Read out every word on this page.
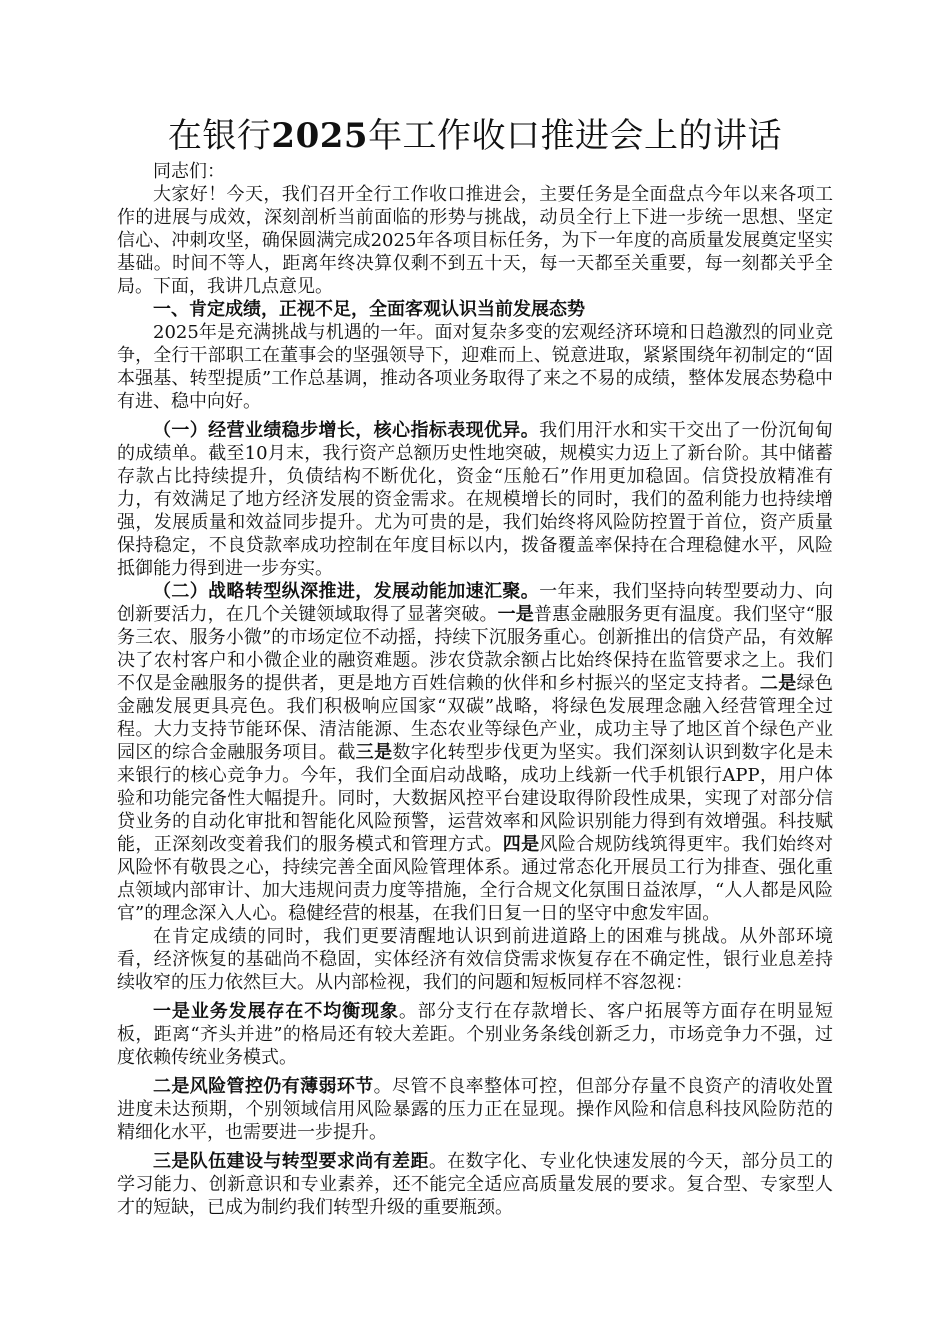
在银行2025年工作收口推进会上的讲话

同志们：

大家好！今天，我们召开全行工作收口推进会，主要任务是全面盘点今年以来各项工作的进展与成效，深刻剖析当前面临的形势与挑战，动员全行上下进一步统一思想、坚定信心、冲刺攻坚，确保圆满完成2025年各项目标任务，为下一年度的高质量发展奠定坚实基础。时间不等人，距离年终决算仅剩不到五十天，每一天都至关重要，每一刻都关乎全局。下面，我讲几点意见。

一、肯定成绩，正视不足，全面客观认识当前发展态势

2025年是充满挑战与机遇的一年。面对复杂多变的宏观经济环境和日趋激烈的同业竞争，全行干部职工在董事会的坚强领导下，迎难而上、锐意进取，紧紧围绕年初制定的“固本强基、转型提质”工作总基调，推动各项业务取得了来之不易的成绩，整体发展态势稳中有进、稳中向好。

（一）经营业绩稳步增长，核心指标表现优异。我们用汗水和实干交出了一份沉甸甸的成绩单。截至10月末，我行资产总额历史性地突破，规模实力迈上了新台阶。其中储蓄存款占比持续提升，负债结构不断优化，资金“压舱石”作用更加稳固。信贷投放精准有力，有效满足了地方经济发展的资金需求。在规模增长的同时，我们的盈利能力也持续增强，发展质量和效益同步提升。尤为可贵的是，我们始终将风险防控置于首位，资产质量保持稳定，不良贷款率成功控制在年度目标以内，拨备覆盖率保持在合理稳健水平，风险抵御能力得到进一步夯实。

（二）战略转型纵深推进，发展动能加速汇聚。一年来，我们坚持向转型要动力、向创新要活力，在几个关键领域取得了显著突破。一是普惠金融服务更有温度。我们坚守“服务三农、服务小微”的市场定位不动摇，持续下沉服务重心。创新推出的信贷产品，有效解决了农村客户和小微企业的融资难题。涉农贷款余额占比始终保持在监管要求之上。我们不仅是金融服务的提供者，更是地方百姓信赖的伙伴和乡村振兴的坚定支持者。二是绿色金融发展更具亮色。我们积极响应国家“双碳”战略，将绿色发展理念融入经营管理全过程。大力支持节能环保、清洁能源、生态农业等绿色产业，成功主导了地区首个绿色产业园区的综合金融服务项目。截三是数字化转型步伐更为坚实。我们深刻认识到数字化是未来银行的核心竞争力。今年，我们全面启动战略，成功上线新一代手机银行APP，用户体验和功能完备性大幅提升。同时，大数据风控平台建设取得阶段性成果，实现了对部分信贷业务的自动化审批和智能化风险预警，运营效率和风险识别能力得到有效增强。科技赋能，正深刻改变着我们的服务模式和管理方式。四是风险合规防线筑得更牢。我们始终对风险怀有敬畏之心，持续完善全面风险管理体系。通过常态化开展员工行为排查、强化重点领域内部审计、加大违规问责力度等措施，全行合规文化氛围日益浓厚，“人人都是风险官”的理念深入人心。稳健经营的根基，在我们日复一日的坚守中愈发牢固。

在肯定成绩的同时，我们更要清醒地认识到前进道路上的困难与挑战。从外部环境看，经济恢复的基础尚不稳固，实体经济有效信贷需求恢复存在不确定性，银行业息差持续收窄的压力依然巨大。从内部检视，我们的问题和短板同样不容忽视：

一是业务发展存在不均衡现象。部分支行在存款增长、客户拓展等方面存在明显短板，距离“齐头并进”的格局还有较大差距。个别业务条线创新乏力，市场竞争力不强，过度依赖传统业务模式。

二是风险管控仍有薄弱环节。尽管不良率整体可控，但部分存量不良资产的清收处置进度未达预期，个别领域信用风险暴露的压力正在显现。操作风险和信息科技风险防范的精细化水平，也需要进一步提升。

三是队伍建设与转型要求尚有差距。在数字化、专业化快速发展的今天，部分员工的学习能力、创新意识和专业素养，还不能完全适应高质量发展的要求。复合型、专家型人才的短缺，已成为制约我们转型升级的重要瓶颈。
